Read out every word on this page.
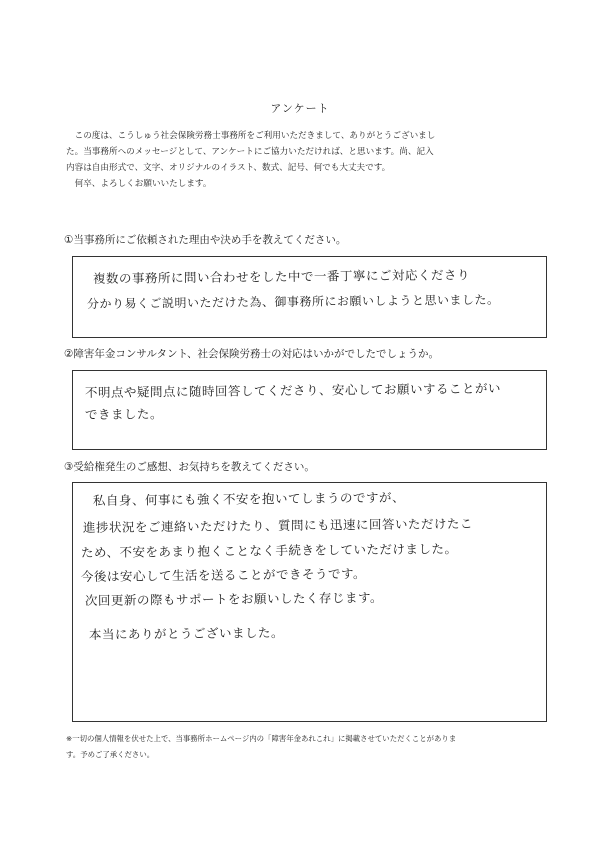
アンケート

　この度は、こうしゅう社会保険労務士事務所をご利用いただきまして、ありがとうございまし

た。当事務所へのメッセージとして、アンケートにご協力いただければ、と思います。尚、記入

内容は自由形式で、文字、オリジナルのイラスト、数式、記号、何でも大丈夫です。

　何卒、よろしくお願いいたします。

①当事務所にご依頼された理由や決め手を教えてください。
複数の事務所に問い合わせをした中で一番丁寧にご対応くださり
分かり易くご説明いただけた為、御事務所にお願いしようと思いました。
②障害年金コンサルタント、社会保険労務士の対応はいかがでしたでしょうか。
不明点や疑問点に随時回答してくださり、安心してお願いすることがい
できました。
③受給権発生のご感想、お気持ちを教えてください。
私自身、何事にも強く不安を抱いてしまうのですが、
進捗状況をご連絡いただけたり、質問にも迅速に回答いただけたこ
ため、不安をあまり抱くことなく手続きをしていただけました。
今後は安心して生活を送ることができそうです。
次回更新の際もサポートをお願いしたく存じます。
本当にありがとうございました。

※一切の個人情報を伏せた上で、当事務所ホームページ内の「障害年金あれこれ」に掲載させていただくことがありま

す。予めご了承ください。
